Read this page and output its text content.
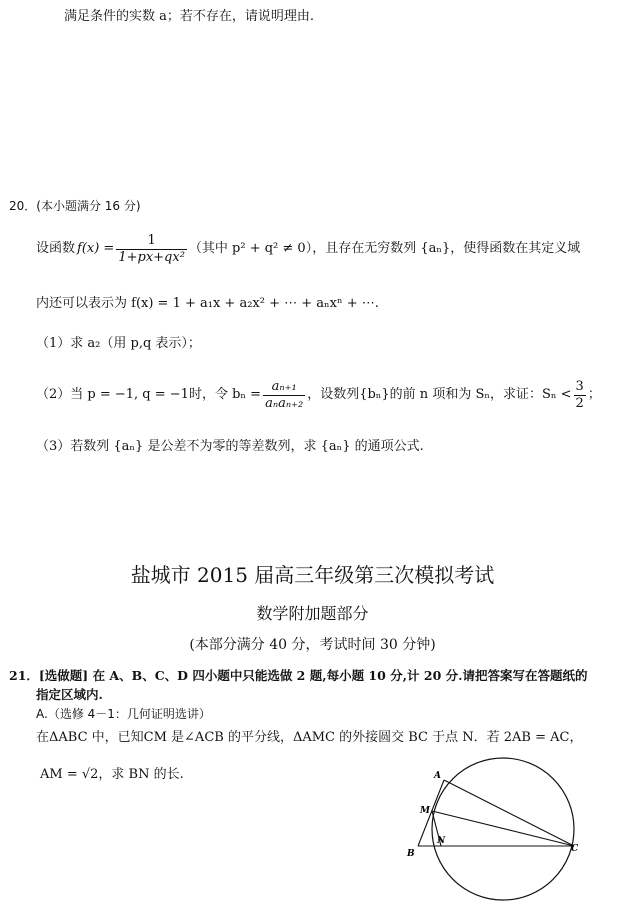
满足条件的实数 a；若不存在，请说明理由.
20．(本小题满分 16 分)
设函数 $f(x) = \frac{1}{\text{1+px+qx²}}$ （其中 p² + q² ≠ 0），且存在无穷数列 {aₙ}，使得函数在其定义域
内还可以表示为 f(x) = 1 + a₁x + a₂x² + ⋯ + aₙxⁿ + ⋯.
（1）求 a₂（用 p,q 表示）；
（2）当 p = −1, q = −1时，令 $b_n = \frac{\text{aₙ₊₁}}{\text{aₙaₙ₊₂}}$ ，设数列{bₙ}的前 n 项和为 Sₙ，求证：$S_n < \frac{3}{2}$ ；
（3）若数列 {aₙ} 是公差不为零的等差数列，求 {aₙ} 的通项公式.
盐城市 2015 届高三年级第三次模拟考试
数学附加题部分
(本部分满分 40 分，考试时间 30 分钟)
21．[选做题] 在 A、B、C、D 四小题中只能选做 2 题,每小题 10 分,计 20 分.请把答案写在答题纸的
指定区域内.
A.（选修 4－1：几何证明选讲）
在ΔABC 中，已知CM 是∠ACB 的平分线，ΔAMC 的外接圆交 BC 于点 N．若 2AB = AC，
AM = √2，求 BN 的长.	A
M
N
B	C
